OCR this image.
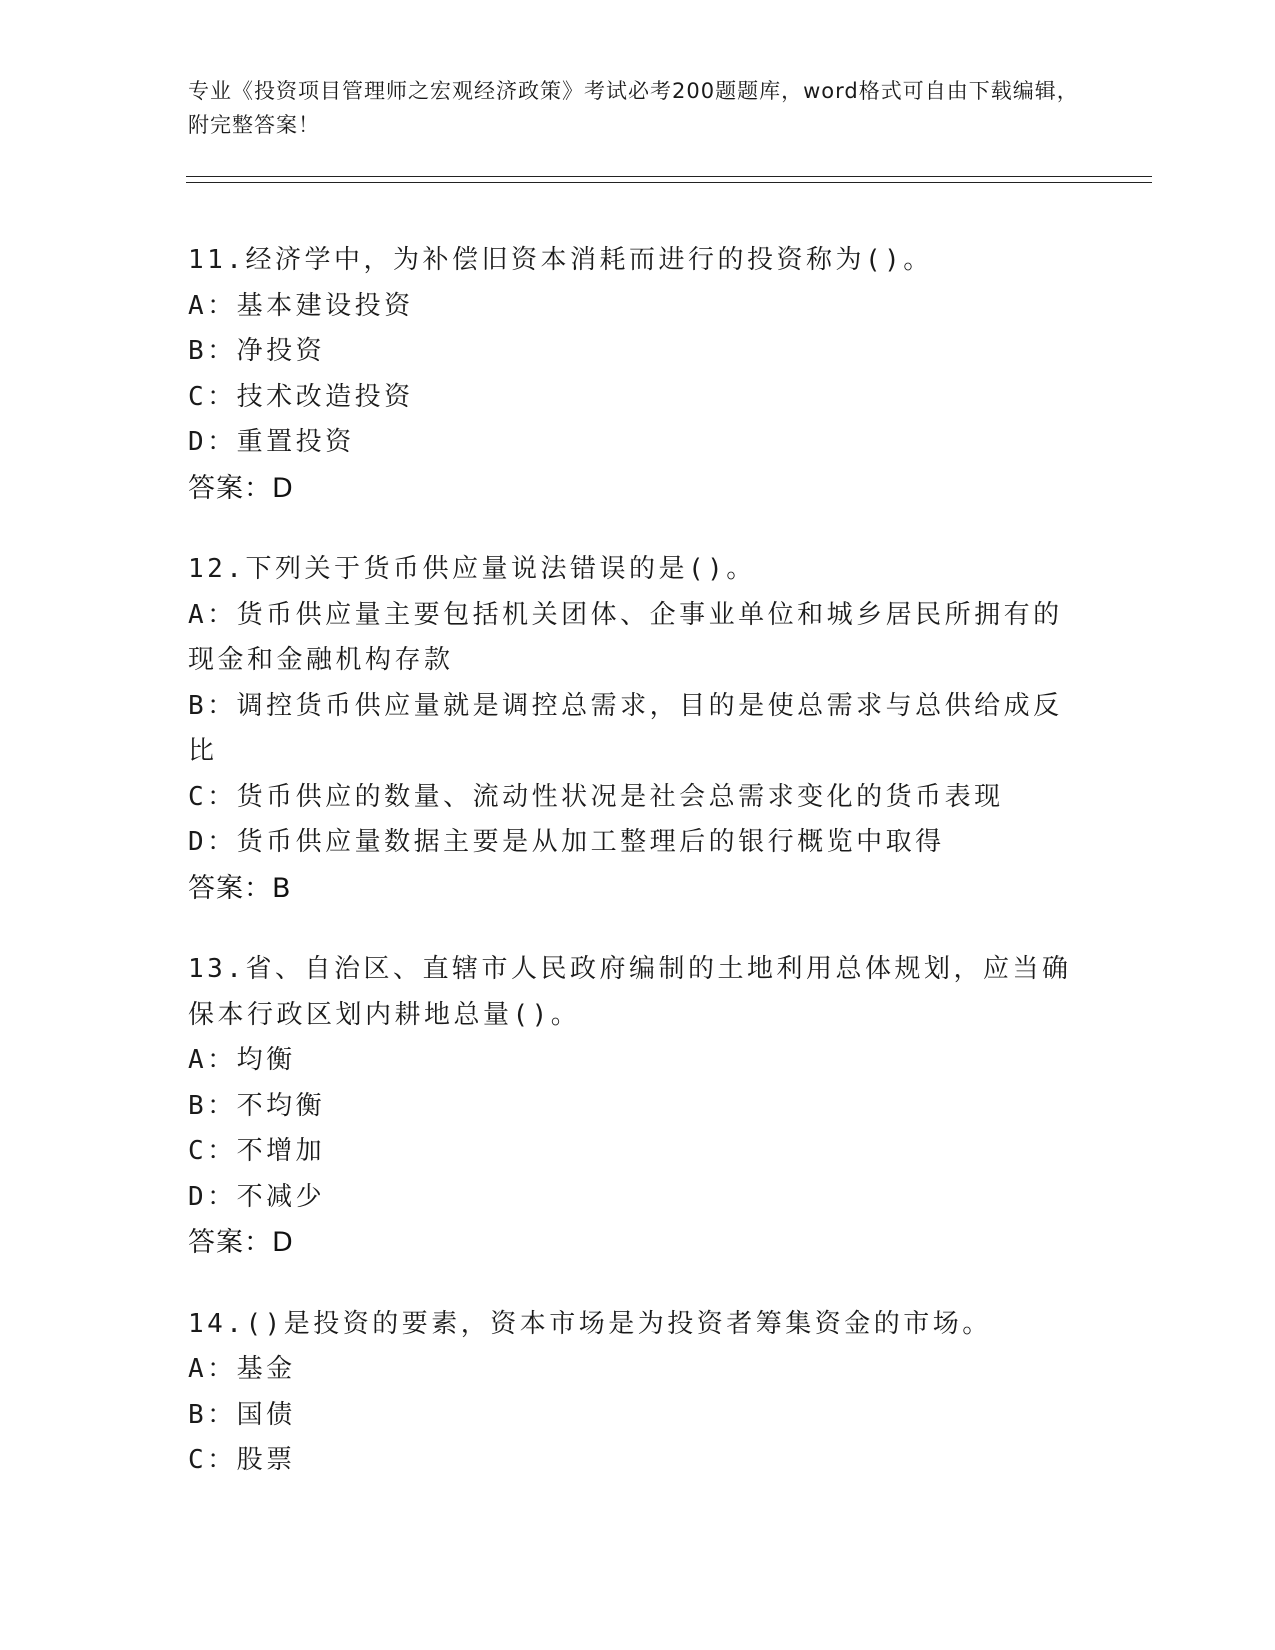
专业《投资项目管理师之宏观经济政策》考试必考200题题库，word格式可自由下载编辑，附完整答案！
11.经济学中，为补偿旧资本消耗而进行的投资称为()。
A：基本建设投资
B：净投资
C：技术改造投资
D：重置投资
答案：D
12.下列关于货币供应量说法错误的是()。
A：货币供应量主要包括机关团体、企事业单位和城乡居民所拥有的现金和金融机构存款
B：调控货币供应量就是调控总需求，目的是使总需求与总供给成反比
C：货币供应的数量、流动性状况是社会总需求变化的货币表现
D：货币供应量数据主要是从加工整理后的银行概览中取得
答案：B
13.省、自治区、直辖市人民政府编制的土地利用总体规划，应当确保本行政区划内耕地总量()。
A：均衡
B：不均衡
C：不增加
D：不减少
答案：D
14.()是投资的要素，资本市场是为投资者筹集资金的市场。
A：基金
B：国债
C：股票
